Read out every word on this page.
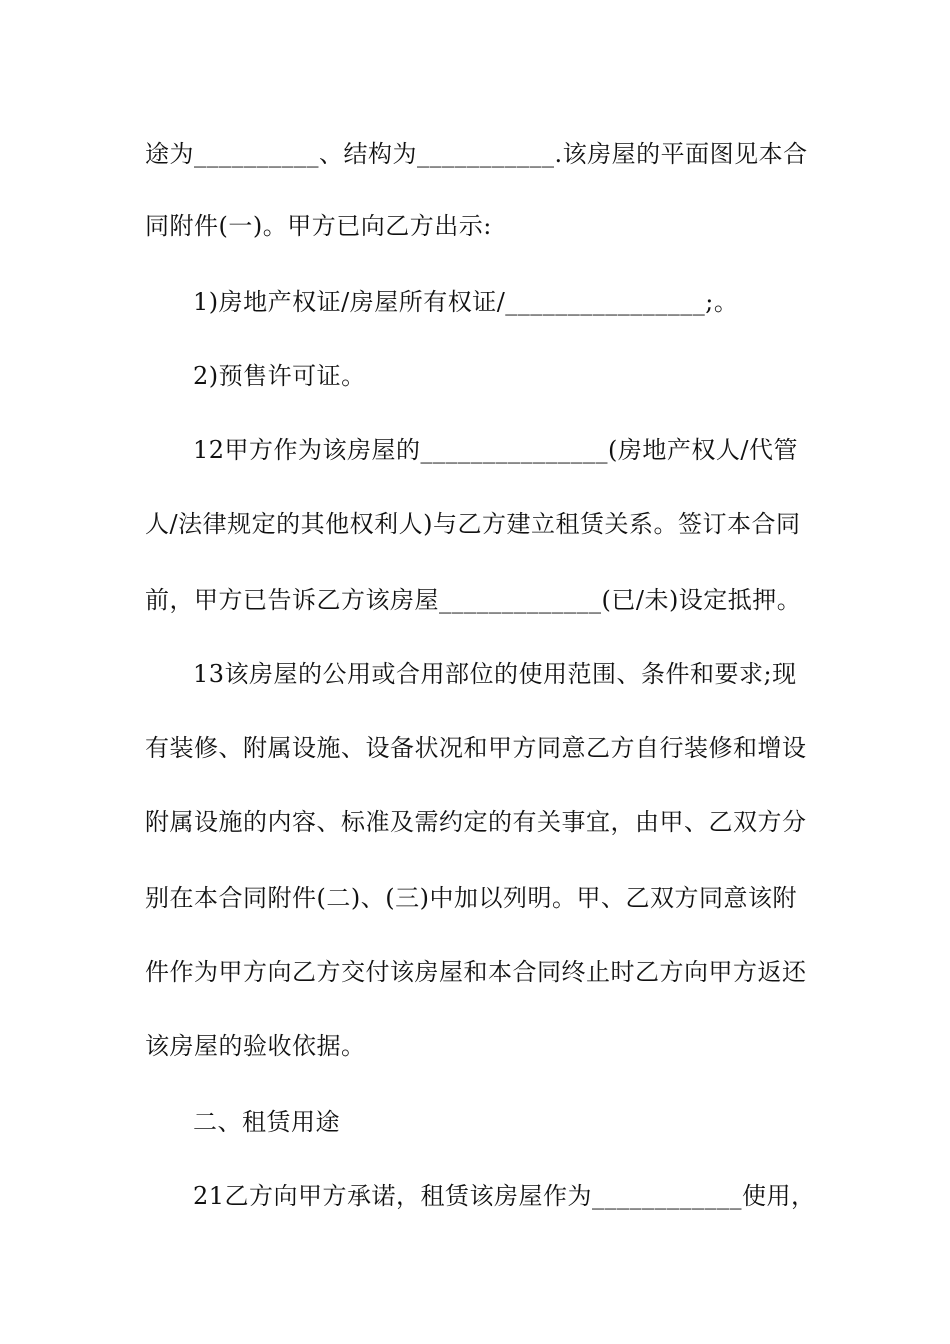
途为__________、结构为___________.该房屋的平面图见本合
同附件(一)。甲方已向乙方出示:
1)房地产权证/房屋所有权证/________________;。
2)预售许可证。
12甲方作为该房屋的_______________(房地产权人/代管
人/法律规定的其他权利人)与乙方建立租赁关系。签订本合同
前，甲方已告诉乙方该房屋_____________(已/未)设定抵押。
13该房屋的公用或合用部位的使用范围、条件和要求;现
有装修、附属设施、设备状况和甲方同意乙方自行装修和增设
附属设施的内容、标准及需约定的有关事宜，由甲、乙双方分
别在本合同附件(二)、(三)中加以列明。甲、乙双方同意该附
件作为甲方向乙方交付该房屋和本合同终止时乙方向甲方返还
该房屋的验收依据。
二、租赁用途
21乙方向甲方承诺，租赁该房屋作为____________使用，
